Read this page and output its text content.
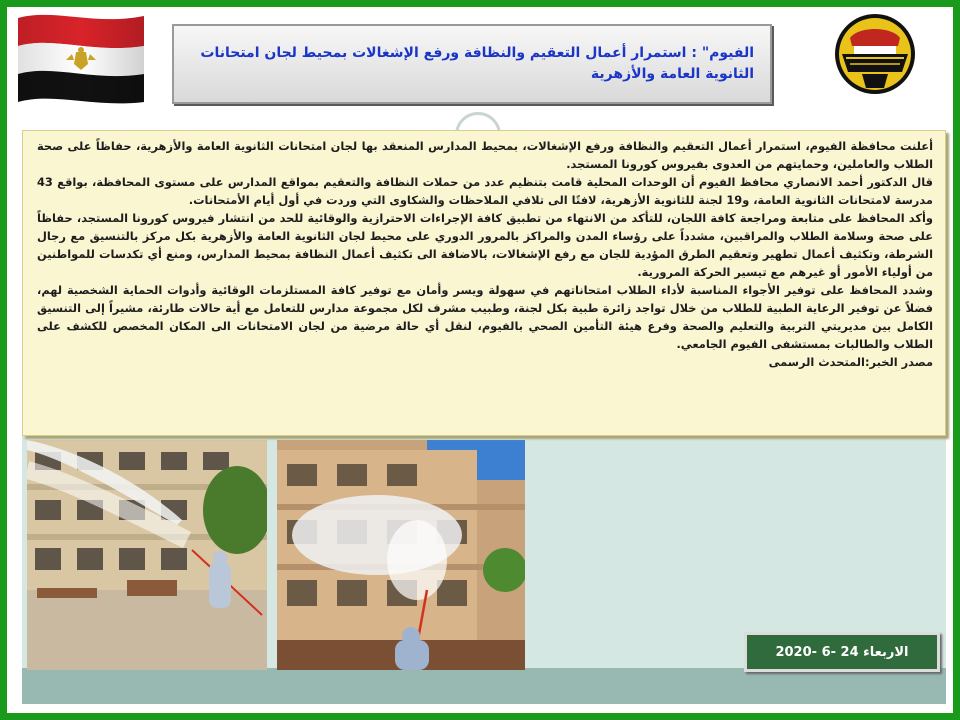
الفيوم" : استمرار أعمال التعقيم والنظافة ورفع الإشغالات بمحيط لجان امتحانات الثانوية العامة والأزهرية

أعلنت محافظة الفيوم، استمرار أعمال التعقيم والنظافة ورفع الإشغالات، بمحيط المدارس المنعقد بها لجان امتحانات الثانوية العامة والأزهرية، حفاظاً على صحة الطلاب والعاملين، وحمايتهم من العدوى بفيروس كورونا المستجد.

قال الدكتور أحمد الانصاري محافظ الفيوم أن الوحدات المحلية قامت بتنظيم عدد من حملات النظافة والتعقيم بمواقع المدارس على مستوى المحافظة، بواقع 43 مدرسة لامتحانات الثانوية العامة، و19 لجنة للثانوية الأزهرية، لافتًا الى تلافي الملاحظات والشكاوى التي وردت في أول أيام الأمتحانات.

وأكد المحافظ على متابعة ومراجعة كافة اللجان، للتأكد من الانتهاء من تطبيق كافة الإجراءات الاحترازية والوقائية للحد من انتشار فيروس كورونا المستجد، حفاظاً على صحة وسلامة الطلاب والمراقبين، مشدداً على رؤساء المدن والمراكز بالمرور الدوري على محيط لجان الثانوية العامة والأزهرية بكل مركز بالتنسيق مع رجال الشرطة، وتكثيف أعمال تطهير وتعقيم الطرق المؤدية للجان مع رفع الإشغالات، بالاضافة الى تكثيف أعمال النظافة بمحيط المدارس، ومنع أي تكدسات للمواطنين من أولياء الأمور أو غيرهم مع تيسير الحركة المرورية.

وشدد المحافظ على توفير الأجواء المناسبة لأداء الطلاب امتحاناتهم في سهولة ويسر وأمان مع توفير كافة المستلزمات الوقائية وأدوات الحماية الشخصية لهم، فضلاً عن توفير الرعاية الطبية للطلاب من خلال تواجد زائرة طبية بكل لجنة، وطبيب مشرف لكل مجموعة مدارس للتعامل مع أية حالات طارئة، مشيراً إلى التنسيق الكامل بين مديريتي التربية والتعليم والصحة وفرع هيئة التأمين الصحي بالفيوم، لنقل أي حالة مرضية من لجان الامتحانات الى المكان المخصص للكشف على الطلاب والطالبات بمستشفى الفيوم الجامعي.

مصدر الخبر:المتحدث الرسمى

الاربعاء 24 -6 -2020
